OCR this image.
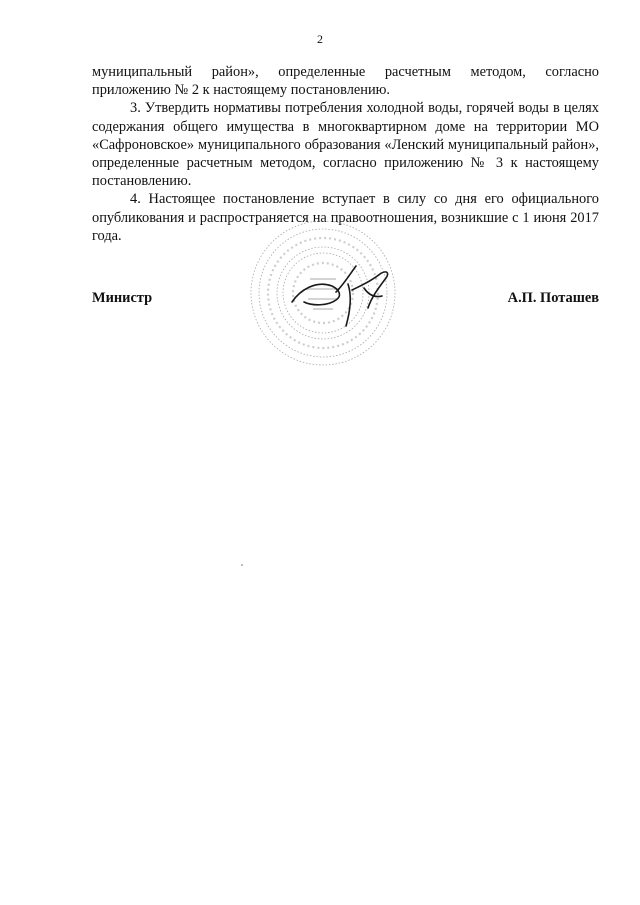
2

муниципальный район», определенные расчетным методом, согласно приложению № 2 к настоящему постановлению.

3. Утвердить нормативы потребления холодной воды, горячей воды в целях содержания общего имущества в многоквартирном доме на территории МО «Сафроновское» муниципального образования «Ленский муниципальный район», определенные расчетным методом, согласно приложению № 3 к настоящему постановлению.

4. Настоящее постановление вступает в силу со дня его официального опубликования и распространяется на правоотношения, возникшие с 1 июня 2017 года.

Министр	А.П. Поташев
